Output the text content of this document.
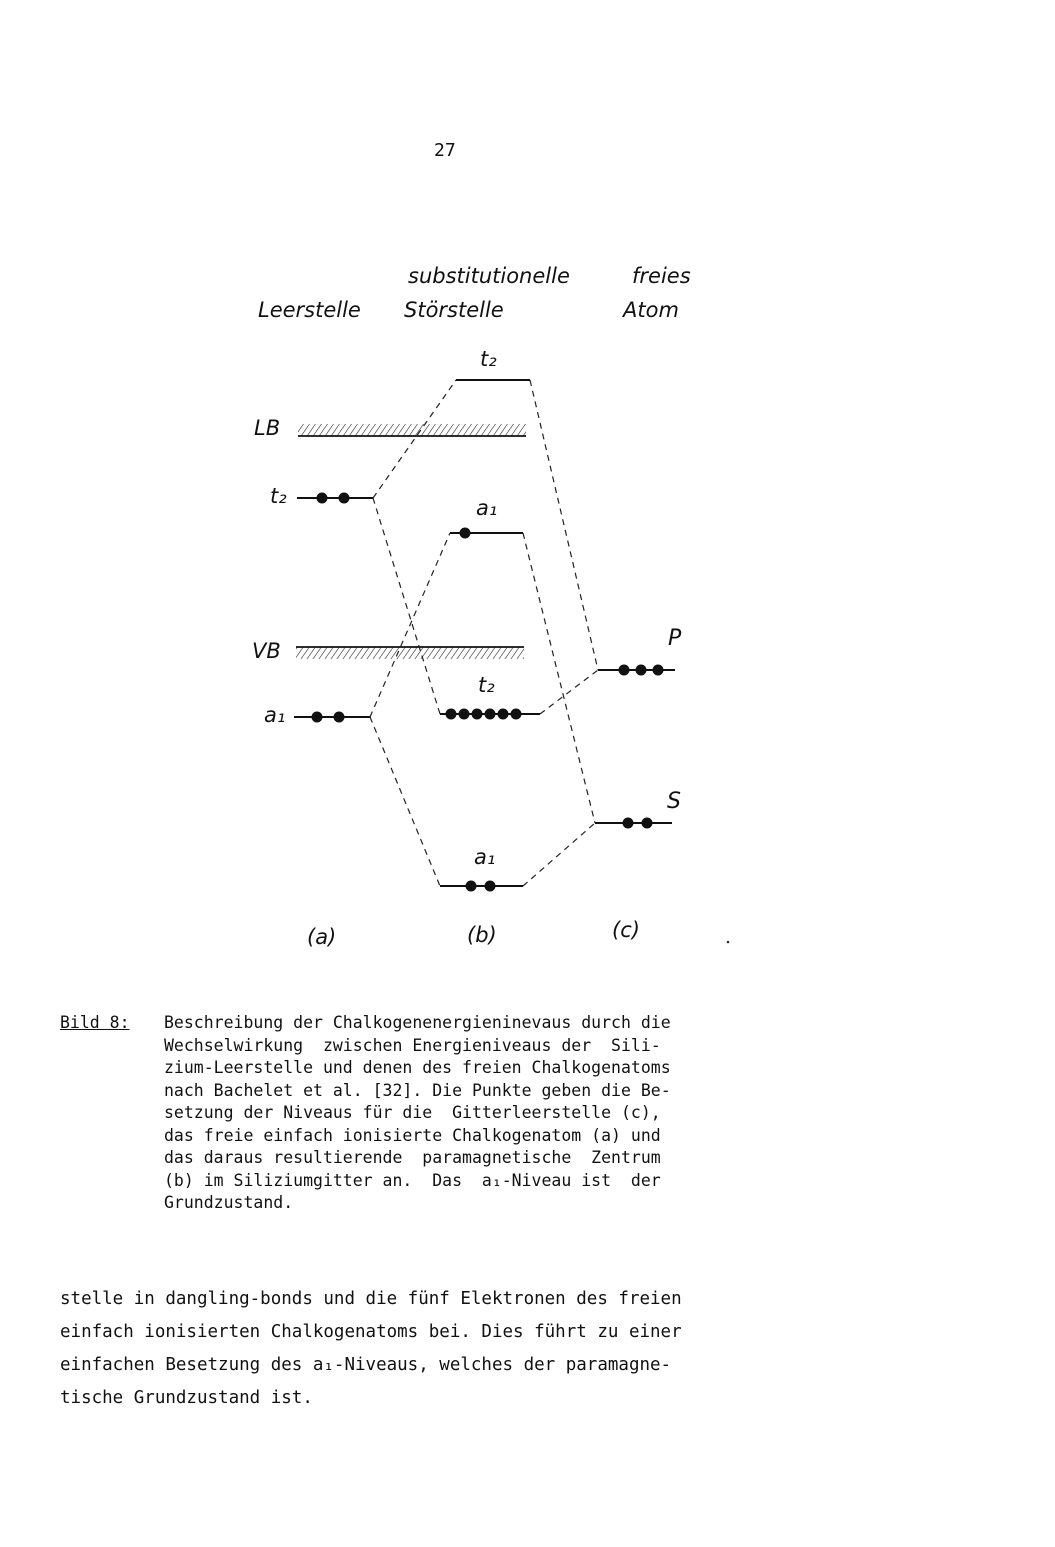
27
substitutionelle	freies
Leerstelle Störstelle	Atom
LB
VB
t₂
a₁
t₂
a₁
t₂
a₁
P
S
(a)	(b)	(c)
Bild 8: Beschreibung der Chalkogenenergieninevaus durch die
Wechselwirkung  zwischen Energieniveaus der  Sili-
zium-Leerstelle und denen des freien Chalkogenatoms
nach Bachelet et al. [32]. Die Punkte geben die Be-
setzung der Niveaus für die  Gitterleerstelle (c),
das freie einfach ionisierte Chalkogenatom (a) und
das daraus resultierende  paramagnetische  Zentrum
(b) im Siliziumgitter an.  Das  a₁-Niveau ist  der
Grundzustand.
stelle in dangling-bonds und die fünf Elektronen des freien
einfach ionisierten Chalkogenatoms bei. Dies führt zu einer
einfachen Besetzung des a₁-Niveaus, welches der paramagne-
tische Grundzustand ist.
